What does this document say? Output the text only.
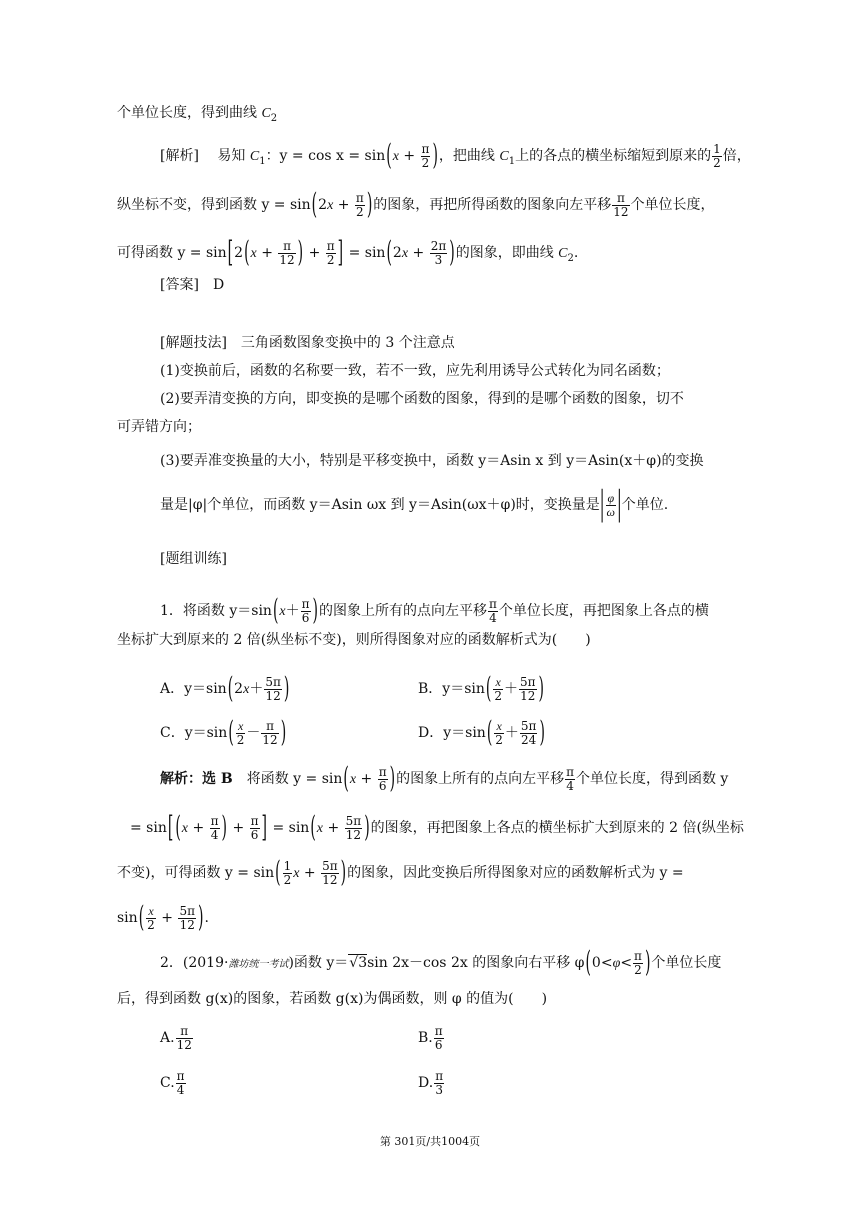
个单位长度，得到曲线 $C_2$
[解析]　 易知 $C_1$：$y = \cos x = \sin(x + \frac{\pi}{2}$ )，把曲线 $C_1$上的各点的横坐标缩短到原来的 $\frac{1}{2}$ 倍，
纵坐标不变，得到函数 $y = \sin(2x + \frac{\pi}{2}$ )的图象，再把所得函数的图象向左平移 $\frac{\pi}{12}$ 个单位长度，
可得函数 $y = \sin[2(x + \frac{\pi}{12}$ ) + $\frac{\pi}{2}$ ] = $\sin(2x + \frac{2\pi}{3}$ )的图象，即曲线 $C_2$.
[答案]　 D
[解题技法]　三角函数图象变换中的 3 个注意点
(1)变换前后，函数的名称要一致，若不一致，应先利用诱导公式转化为同名函数；
(2)要弄清变换的方向，即变换的是哪个函数的图象，得到的是哪个函数的图象，切不
可弄错方向；
(3)要弄准变换量的大小，特别是平移变换中，函数 y＝Asin x 到 y＝Asin(x＋φ)的变换
量是|φ|个单位，而函数 y＝Asin ωx 到 y＝Asin(ωx＋φ)时，变换量是| $\frac{\varphi}{\omega}$ |个单位.
[题组训练]
1．将函数 $y=\sin(x+ \frac{\pi}{6}$ )的图象上所有的点向左平移 $\frac{\pi}{4}$ 个单位长度，再把图象上各点的横
坐标扩大到原来的 2 倍(纵坐标不变)，则所得图象对应的函数解析式为(　　)
A．$y=\sin(2x+ \frac{5\pi}{12}$ )	B．$y=\sin( \frac{x}{2} + \frac{5\pi}{12}$ )
C．$y=\sin( \frac{x}{2} - \frac{\pi}{12}$ )	D．$y=\sin( \frac{x}{2} + \frac{5\pi}{24}$ )
解析：选 B　 将函数 $y = \sin(x + \frac{\pi}{6}$ )的图象上所有的点向左平移 $\frac{\pi}{4}$ 个单位长度，得到函数 y
= sin[ ($x + \frac{\pi}{4}$ ) + $\frac{\pi}{6}$ ] = $\sin(x + \frac{5\pi}{12}$ )的图象，再把图象上各点的横坐标扩大到原来的 2 倍(纵坐标
不变)，可得函数 $y = \sin( \frac{1}{2}$ $x + \frac{5\pi}{12}$ )的图象，因此变换后所得图象对应的函数解析式为 y =
$\sin( \frac{x}{2} + \frac{5\pi}{12}$ ).
2．(2019·潍坊统一考试)函数 y＝√3sin 2x－cos 2x 的图象向右平移 $\varphi(0<\varphi< \frac{\pi}{2}$ )个单位长度
后，得到函数 g(x)的图象，若函数 g(x)为偶函数，则 φ 的值为(　　)
A. $\frac{\pi}{12}$	B. $\frac{\pi}{6}$
C. $\frac{\pi}{4}$	D. $\frac{\pi}{3}$
第 301页/共1004页
